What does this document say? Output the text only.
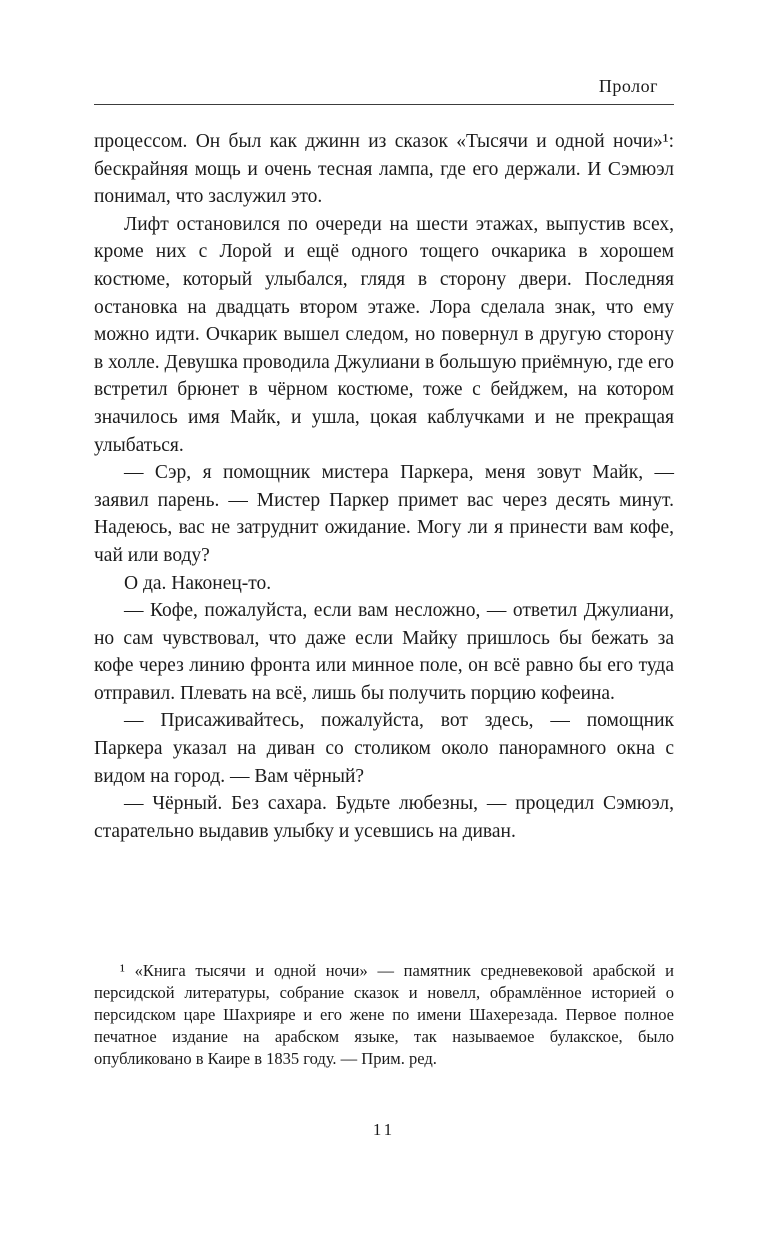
Пролог

процессом. Он был как джинн из сказок «Тысячи и одной ночи»¹: бескрайняя мощь и очень тесная лампа, где его держали. И Сэмюэл понимал, что заслужил это.

Лифт остановился по очереди на шести этажах, выпустив всех, кроме них с Лорой и ещё одного тощего очкарика в хорошем костюме, который улыбался, глядя в сторону двери. Последняя остановка на двадцать втором этаже. Лора сделала знак, что ему можно идти. Очкарик вышел следом, но повернул в другую сторону в холле. Девушка проводила Джулиани в большую приёмную, где его встретил брюнет в чёрном костюме, тоже с бейджем, на котором значилось имя Майк, и ушла, цокая каблучками и не прекращая улыбаться.

— Сэр, я помощник мистера Паркера, меня зовут Майк, — заявил парень. — Мистер Паркер примет вас через десять минут. Надеюсь, вас не затруднит ожидание. Могу ли я принести вам кофе, чай или воду?

О да. Наконец-то.

— Кофе, пожалуйста, если вам несложно, — ответил Джулиани, но сам чувствовал, что даже если Майку пришлось бы бежать за кофе через линию фронта или минное поле, он всё равно бы его туда отправил. Плевать на всё, лишь бы получить порцию кофеина.

— Присаживайтесь, пожалуйста, вот здесь, — помощник Паркера указал на диван со столиком около панорамного окна с видом на город. — Вам чёрный?

— Чёрный. Без сахара. Будьте любезны, — процедил Сэмюэл, старательно выдавив улыбку и усевшись на диван.

¹ «Книга тысячи и одной ночи» — памятник средневековой арабской и персидской литературы, собрание сказок и новелл, обрамлённое историей о персидском царе Шахрияре и его жене по имени Шахерезада. Первое полное печатное издание на арабском языке, так называемое булакское, было опубликовано в Каире в 1835 году. — Прим. ред.

11
